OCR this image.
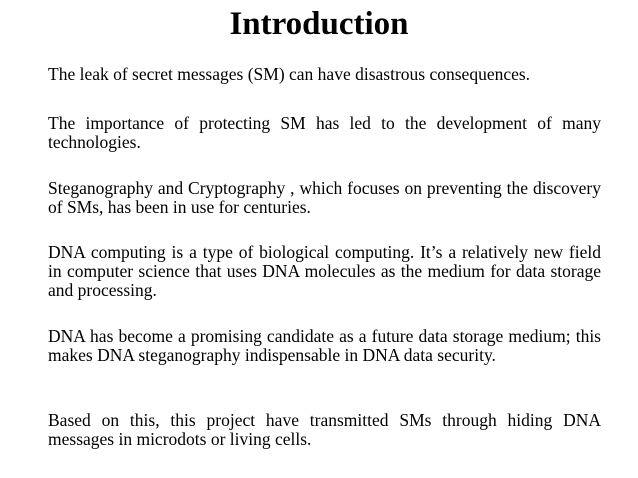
Introduction

The leak of secret messages (SM) can have disastrous consequences.

The importance of protecting SM has led to the development of many technologies.

Steganography and Cryptography , which focuses on preventing the discovery of SMs, has been in use for centuries.

DNA computing is a type of biological computing. It’s a relatively new field in computer science that uses DNA molecules as the medium for data storage and processing.

DNA has become a promising candidate as a future data storage medium; this makes DNA steganography indispensable in DNA data security.

Based on this, this project have transmitted SMs through hiding DNA messages in microdots or living cells.
